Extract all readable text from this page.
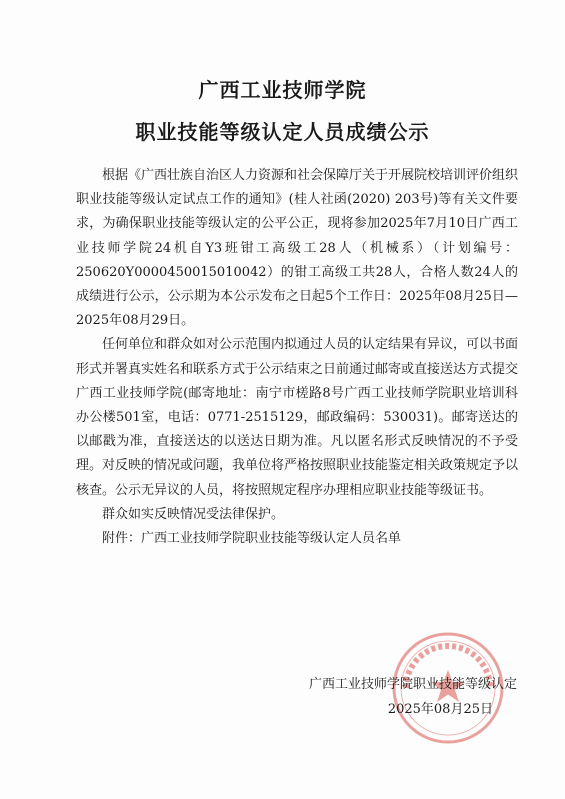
广西工业技师学院
职业技能等级认定人员成绩公示

根据《广西壮族自治区人力资源和社会保障厅关于开展院校培训评价组织职业技能等级认定试点工作的通知》(桂人社函(2020) 203号)等有关文件要求，为确保职业技能等级认定的公平公正，现将参加2025年7月10日广西工业技师学院24机自Y3班钳工高级工28人（机械系）（计划编号：250620Y0000450015010042）的钳工高级工共28人，合格人数24人的成绩进行公示，公示期为本公示发布之日起5个工作日：2025年08月25日—2025年08月29日。

任何单位和群众如对公示范围内拟通过人员的认定结果有异议，可以书面形式并署真实姓名和联系方式于公示结束之日前通过邮寄或直接送达方式提交广西工业技师学院(邮寄地址：南宁市槎路8号广西工业技师学院职业培训科办公楼501室，电话：0771-2515129，邮政编码：530031)。邮寄送达的以邮戳为准，直接送达的以送达日期为准。凡以匿名形式反映情况的不予受理。对反映的情况或问题，我单位将严格按照职业技能鉴定相关政策规定予以核查。公示无异议的人员，将按照规定程序办理相应职业技能等级证书。

群众如实反映情况受法律保护。

附件：广西工业技师学院职业技能等级认定人员名单

广西工业技师学院职业技能等级认定

2025年08月25日
